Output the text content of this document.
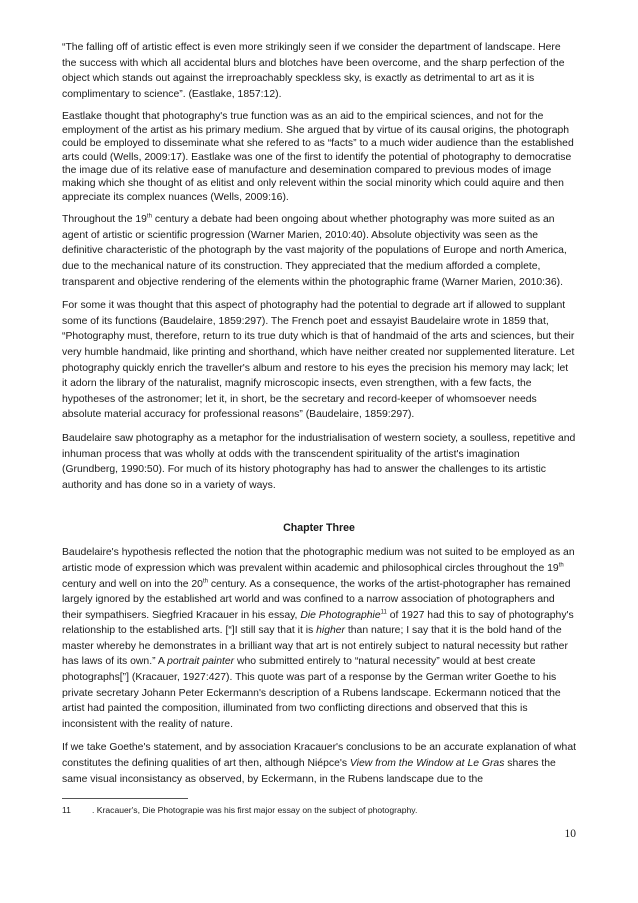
“The falling off of artistic effect is even more strikingly seen if we consider the department of landscape. Here the success with which all accidental blurs and blotches have been overcome, and the sharp perfection of the object which stands out against the irreproachably speckless sky, is exactly as detrimental to art as it is complimentary to science”. (Eastlake, 1857:12).

Eastlake thought that photography's true function was as an aid to the empirical sciences, and not for the employment of the artist as his primary medium. She argued that by virtue of its causal origins, the photograph could be employed to disseminate what she refered to as “facts” to a much wider audience than the established arts could (Wells, 2009:17). Eastlake was one of the first to identify the potential of photography to democratise the image due of its relative ease of manufacture and desemination compared to previous modes of image making which she thought of as elitist and only relevent within the social minority which could aquire and then appreciate its complex nuances (Wells, 2009:16).

Throughout the 19th century a debate had been ongoing about whether photography was more suited as an agent of artistic or scientific progression (Warner Marien, 2010:40). Absolute objectivity was seen as the definitive characteristic of the photograph by the vast majority of the populations of Europe and north America, due to the mechanical nature of its construction. They appreciated that the medium afforded a complete, transparent and objective rendering of the elements within the photographic frame (Warner Marien, 2010:36).

For some it was thought that this aspect of photography had the potential to degrade art if allowed to supplant some of its functions (Baudelaire, 1859:297). The French poet and essayist Baudelaire wrote in 1859 that, “Photography must, therefore, return to its true duty which is that of handmaid of the arts and sciences, but their very humble handmaid, like printing and shorthand, which have neither created nor supplemented literature. Let photography quickly enrich the traveller's album and restore to his eyes the precision his memory may lack; let it adorn the library of the naturalist, magnify microscopic insects, even strengthen, with a few facts, the hypotheses of the astronomer; let it, in short, be the secretary and record-keeper of whomsoever needs absolute material accuracy for professional reasons” (Baudelaire, 1859:297).

Baudelaire saw photography as a metaphor for the industrialisation of western society, a soulless, repetitive and inhuman process that was wholly at odds with the transcendent spirituality of the artist's imagination (Grundberg, 1990:50). For much of its history photography has had to answer the challenges to its artistic authority and has done so in a variety of ways.

Chapter Three

Baudelaire's hypothesis reflected the notion that the photographic medium was not suited to be employed as an artistic mode of expression which was prevalent within academic and philosophical circles throughout the 19th century and well on into the 20th century. As a consequence, the works of the artist-photographer has remained largely ignored by the established art world and was confined to a narrow association of photographers and their sympathisers. Siegfried Kracauer in his essay, Die Photographie$^{11}$ of 1927 had this to say of photography's relationship to the established arts. [“]I still say that it is higher than nature; I say that it is the bold hand of the master whereby he demonstrates in a brilliant way that art is not entirely subject to natural necessity but rather has laws of its own.” A portrait painter who submitted entirely to “natural necessity” would at best create photographs[”] (Kracauer, 1927:427). This quote was part of a response by the German writer Goethe to his private secretary Johann Peter Eckermann's description of a Rubens landscape. Eckermann noticed that the artist had painted the composition, illuminated from two conflicting directions and observed that this is inconsistent with the reality of nature.

If we take Goethe's statement, and by association Kracauer's conclusions to be an accurate explanation of what constitutes the defining qualities of art then, although Niépce's View from the Window at Le Gras shares the same visual inconsistancy as observed, by Eckermann, in the Rubens landscape due to the

11 . Kracauer's, Die Photograpie was his first major essay on the subject of photography.
10
